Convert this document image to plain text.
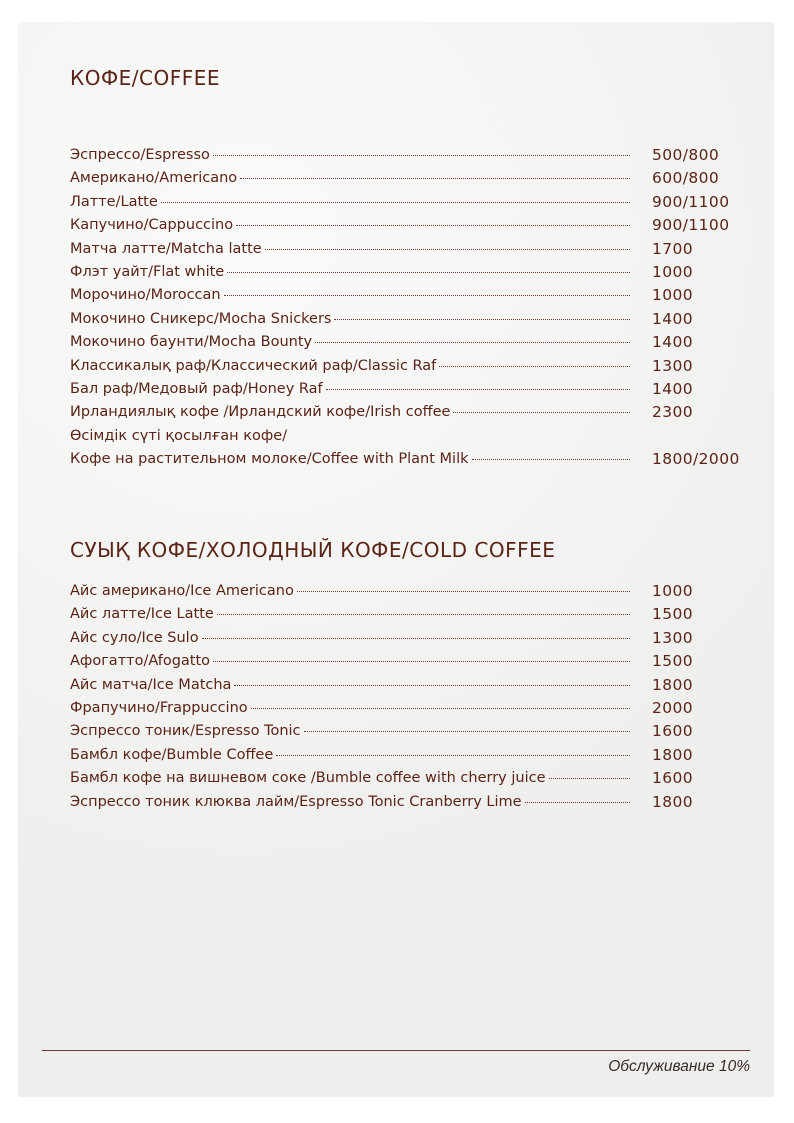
КОФЕ/COFFEE
Эспрессо/Espresso	500/800
Американо/Americano	600/800
Латте/Latte	900/1100
Капучино/Cappuccino	900/1100
Матча латте/Matcha latte	1700
Флэт уайт/Flat white	1000
Морочино/Moroccan	1000
Мокочино Сникерс/Mocha Snickers	1400
Мокочино баунти/Mocha Bounty	1400
Классикалық раф/Классический раф/Classic Raf	1300
Бал раф/Медовый раф/Honey Raf	1400
Ирландиялық кофе /Ирландский кофе/Irish coffee	2300
Өсімдік сүті қосылған кофе/
Кофе на растительном молоке/Coffee with Plant Milk	1800/2000
СУЫҚ КОФЕ/ХОЛОДНЫЙ КОФЕ/COLD COFFEE
Айс американо/Ice Americano	1000
Айс латте/Ice Latte	1500
Айс суло/Ice Sulo	1300
Афогатто/Afogatto	1500
Айс матча/Ice Matcha	1800
Фрапучино/Frappuccino	2000
Эспрессо тоник/Espresso Tonic	1600
Бамбл кофе/Bumble Coffee	1800
Бамбл кофе на вишневом соке /Bumble coffee with cherry juice	1600
Эспрессо тоник клюква лайм/Espresso Tonic Cranberry Lime	1800
Обслуживание 10%
